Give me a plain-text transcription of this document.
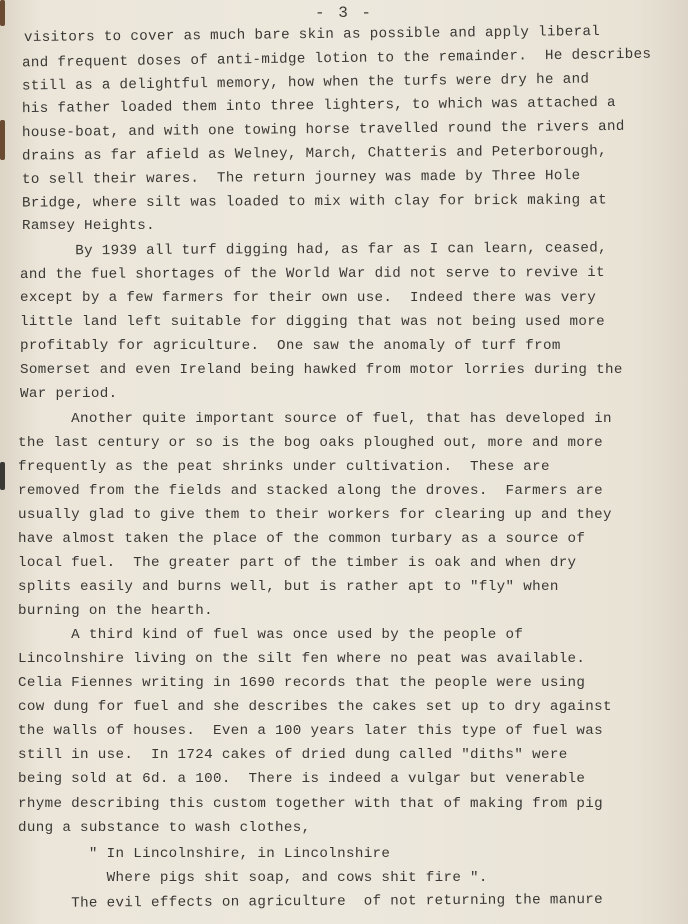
- 3 -
visitors to cover as much bare skin as possible and apply liberal
and frequent doses of anti-midge lotion to the remainder.  He describes
still as a delightful memory, how when the turfs were dry he and
his father loaded them into three lighters, to which was attached a
house-boat, and with one towing horse travelled round the rivers and
drains as far afield as Welney, March, Chatteris and Peterborough,
to sell their wares.  The return journey was made by Three Hole
Bridge, where silt was loaded to mix with clay for brick making at
Ramsey Heights.
By 1939 all turf digging had, as far as I can learn, ceased,
and the fuel shortages of the World War did not serve to revive it
except by a few farmers for their own use.  Indeed there was very
little land left suitable for digging that was not being used more
profitably for agriculture.  One saw the anomaly of turf from
Somerset and even Ireland being hawked from motor lorries during the
War period.
Another quite important source of fuel, that has developed in
the last century or so is the bog oaks ploughed out, more and more
frequently as the peat shrinks under cultivation.  These are
removed from the fields and stacked along the droves.  Farmers are
usually glad to give them to their workers for clearing up and they
have almost taken the place of the common turbary as a source of
local fuel.  The greater part of the timber is oak and when dry
splits easily and burns well, but is rather apt to "fly" when
burning on the hearth.
A third kind of fuel was once used by the people of
Lincolnshire living on the silt fen where no peat was available.
Celia Fiennes writing in 1690 records that the people were using
cow dung for fuel and she describes the cakes set up to dry against
the walls of houses.  Even a 100 years later this type of fuel was
still in use.  In 1724 cakes of dried dung called "diths" were
being sold at 6d. a 100.  There is indeed a vulgar but venerable
rhyme describing this custom together with that of making from pig
dung a substance to wash clothes,
" In Lincolnshire, in Lincolnshire
Where pigs shit soap, and cows shit fire ".
The evil effects on agriculture  of not returning the manure
